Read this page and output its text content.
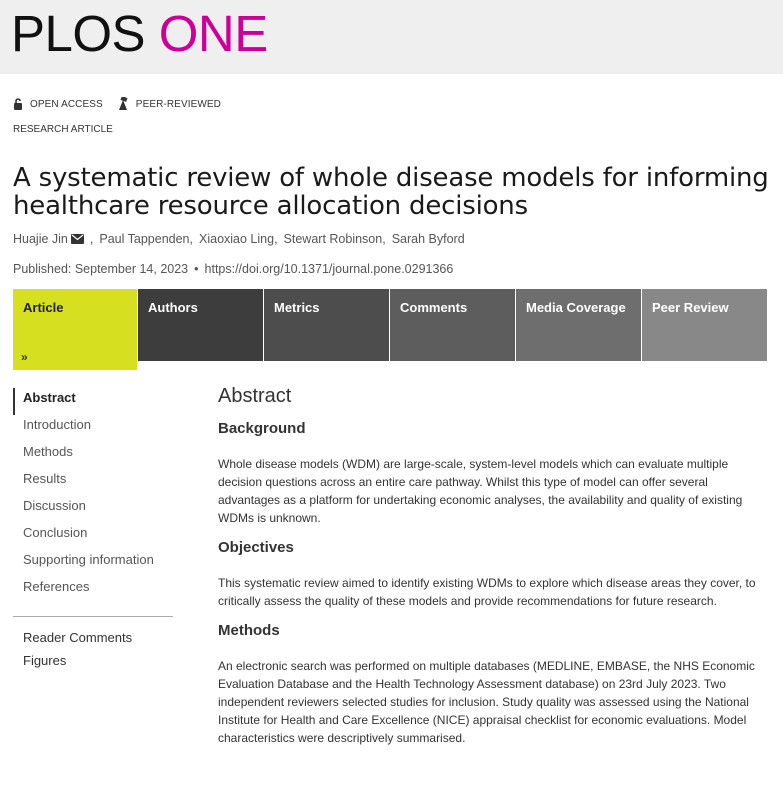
PLOS ONE
OPEN ACCESS	PEER-REVIEWED
RESEARCH ARTICLE
A systematic review of whole disease models for informing healthcare resource allocation decisions
Huajie Jin , Paul Tappenden , Xiaoxiao Ling , Stewart Robinson , Sarah Byford
Published: September 14, 2023 • https://doi.org/10.1371/journal.pone.0291366
Article
»
Authors	Metrics	Comments	Media Coverage	Peer Review
Abstract
Introduction
Methods
Results
Discussion
Conclusion
Supporting information
References
Reader Comments
Figures
Abstract
Background

Whole disease models (WDM) are large-scale, system-level models which can evaluate multiple decision questions across an entire care pathway. Whilst this type of model can offer several advantages as a platform for undertaking economic analyses, the availability and quality of existing WDMs is unknown.

Objectives

This systematic review aimed to identify existing WDMs to explore which disease areas they cover, to critically assess the quality of these models and provide recommendations for future research.

Methods

An electronic search was performed on multiple databases (MEDLINE, EMBASE, the NHS Economic Evaluation Database and the Health Technology Assessment database) on 23rd July 2023. Two independent reviewers selected studies for inclusion. Study quality was assessed using the National Institute for Health and Care Excellence (NICE) appraisal checklist for economic evaluations. Model characteristics were descriptively summarised.
